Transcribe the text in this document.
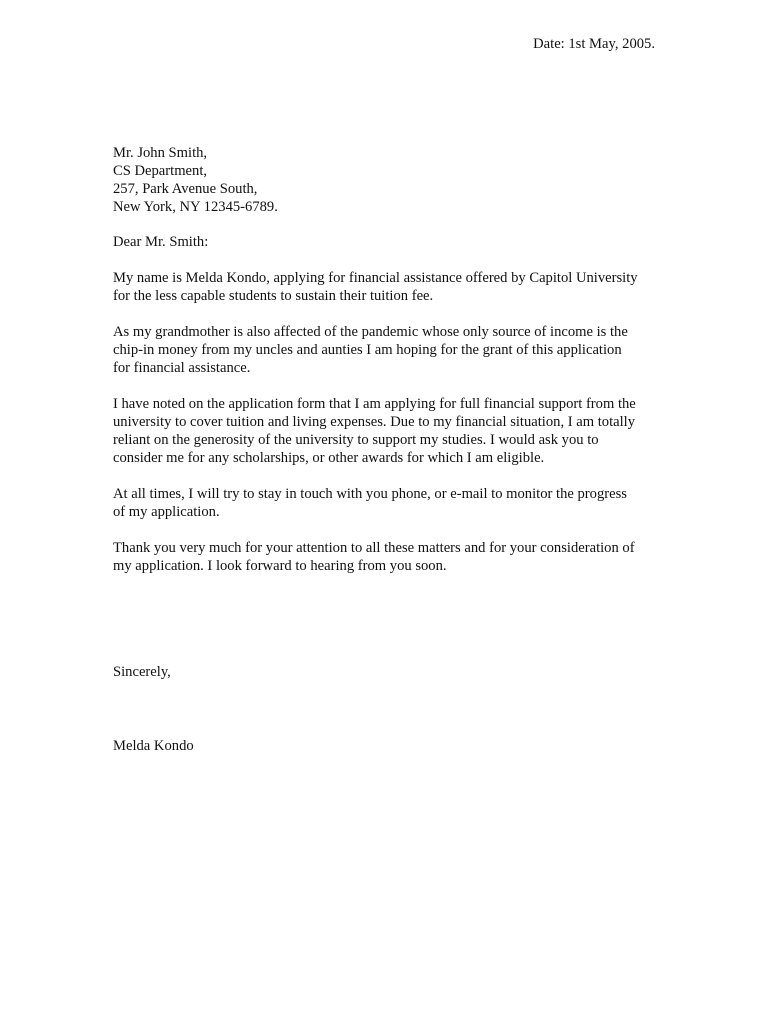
Date: 1st May, 2005.
Mr. John Smith,
CS Department,
257, Park Avenue South,
New York, NY 12345-6789.
Dear Mr. Smith:

My name is Melda Kondo, applying for financial assistance offered by Capitol University
for the less capable students to sustain their tuition fee.

As my grandmother is also affected of the pandemic whose only source of income is the
chip-in money from my uncles and aunties I am hoping for the grant of this application
for financial assistance.

I have noted on the application form that I am applying for full financial support from the
university to cover tuition and living expenses. Due to my financial situation, I am totally
reliant on the generosity of the university to support my studies. I would ask you to
consider me for any scholarships, or other awards for which I am eligible.

At all times, I will try to stay in touch with you phone, or e-mail to monitor the progress
of my application.

Thank you very much for your attention to all these matters and for your consideration of
my application. I look forward to hearing from you soon.

Sincerely,
Melda Kondo
